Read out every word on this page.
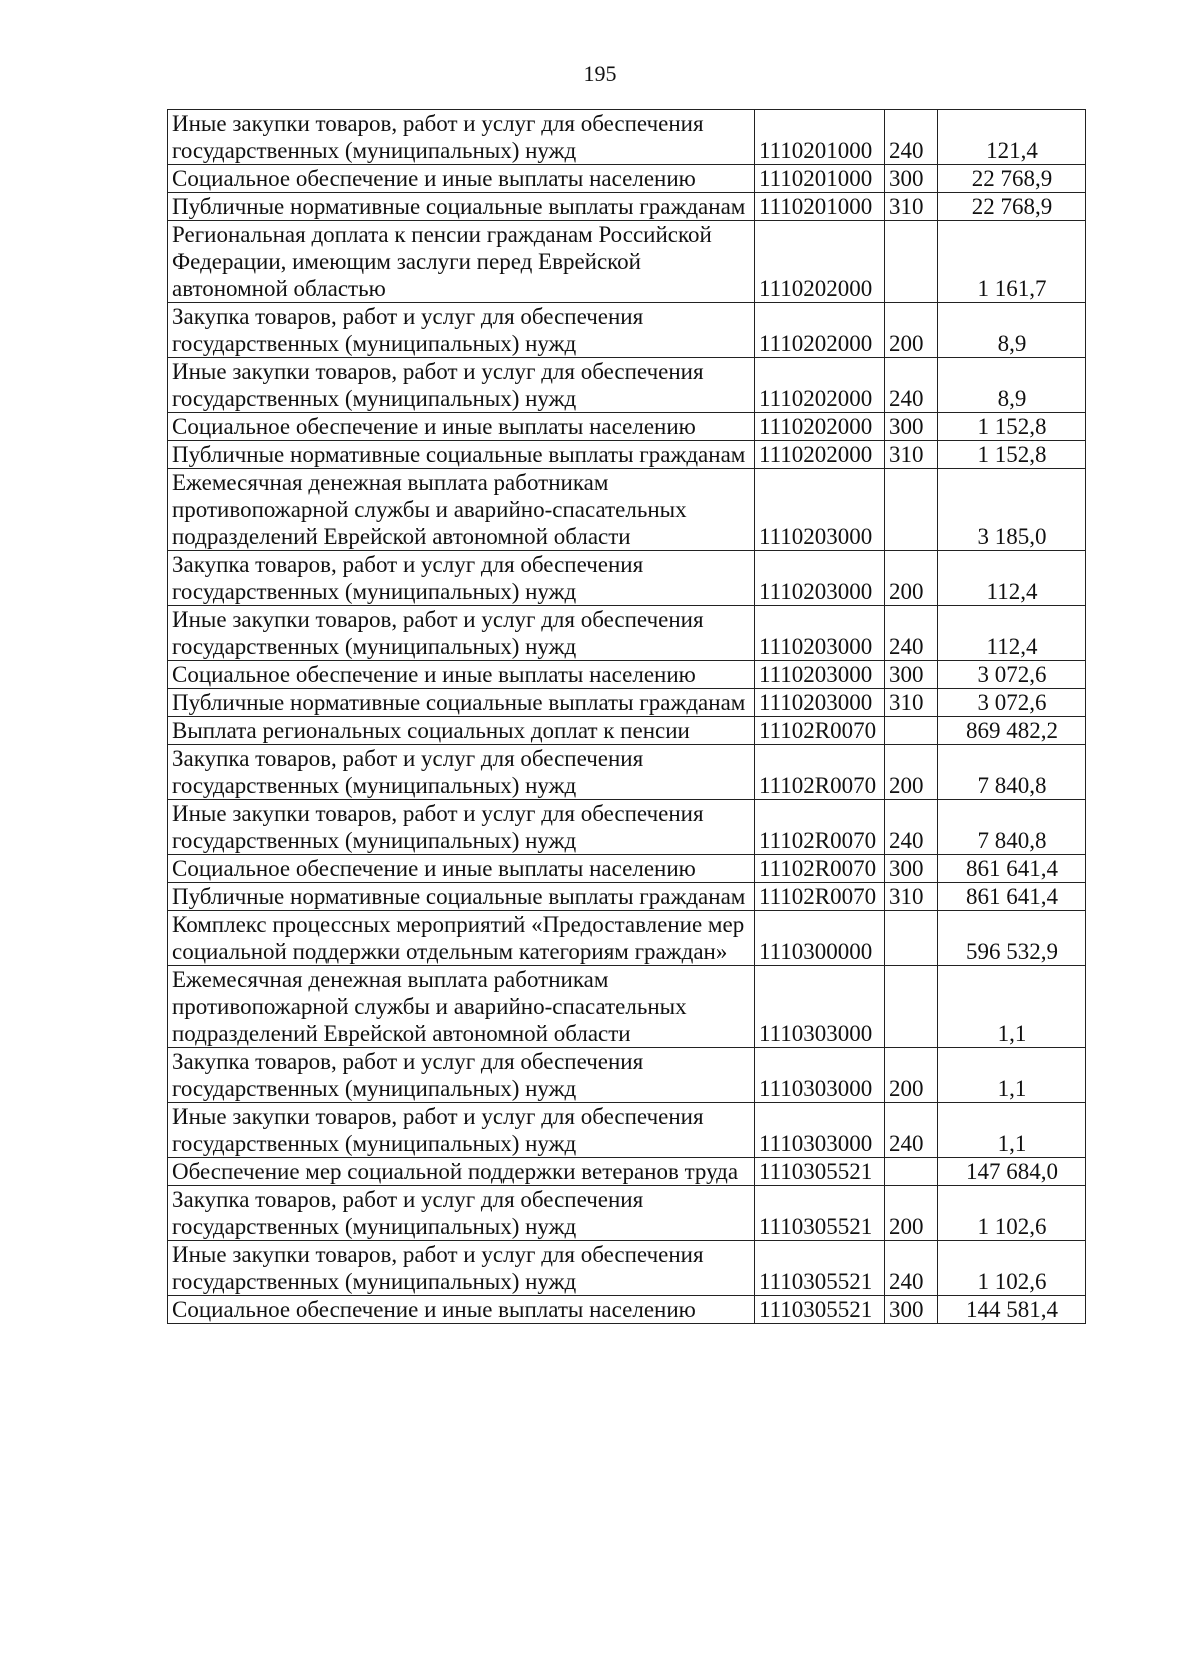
195
Иные закупки товаров, работ и услуг для обеспечения государственных (муниципальных) нужд	1110201000	240	121,4
Социальное обеспечение и иные выплаты населению	1110201000	300	22 768,9
Публичные нормативные социальные выплаты гражданам	1110201000	310	22 768,9
Региональная доплата к пенсии гражданам Российской Федерации, имеющим заслуги перед Еврейской автономной областью	1110202000		1 161,7
Закупка товаров, работ и услуг для обеспечения государственных (муниципальных) нужд	1110202000	200	8,9
Иные закупки товаров, работ и услуг для обеспечения государственных (муниципальных) нужд	1110202000	240	8,9
Социальное обеспечение и иные выплаты населению	1110202000	300	1 152,8
Публичные нормативные социальные выплаты гражданам	1110202000	310	1 152,8
Ежемесячная денежная выплата работникам противопожарной службы и аварийно-спасательных подразделений Еврейской автономной области	1110203000		3 185,0
Закупка товаров, работ и услуг для обеспечения государственных (муниципальных) нужд	1110203000	200	112,4
Иные закупки товаров, работ и услуг для обеспечения государственных (муниципальных) нужд	1110203000	240	112,4
Социальное обеспечение и иные выплаты населению	1110203000	300	3 072,6
Публичные нормативные социальные выплаты гражданам	1110203000	310	3 072,6
Выплата региональных социальных доплат к пенсии	11102R0070		869 482,2
Закупка товаров, работ и услуг для обеспечения государственных (муниципальных) нужд	11102R0070	200	7 840,8
Иные закупки товаров, работ и услуг для обеспечения государственных (муниципальных) нужд	11102R0070	240	7 840,8
Социальное обеспечение и иные выплаты населению	11102R0070	300	861 641,4
Публичные нормативные социальные выплаты гражданам	11102R0070	310	861 641,4
Комплекс процессных мероприятий «Предоставление мер социальной поддержки отдельным категориям граждан»	1110300000		596 532,9
Ежемесячная денежная выплата работникам противопожарной службы и аварийно-спасательных подразделений Еврейской автономной области	1110303000		1,1
Закупка товаров, работ и услуг для обеспечения государственных (муниципальных) нужд	1110303000	200	1,1
Иные закупки товаров, работ и услуг для обеспечения государственных (муниципальных) нужд	1110303000	240	1,1
Обеспечение мер социальной поддержки ветеранов труда	1110305521		147 684,0
Закупка товаров, работ и услуг для обеспечения государственных (муниципальных) нужд	1110305521	200	1 102,6
Иные закупки товаров, работ и услуг для обеспечения государственных (муниципальных) нужд	1110305521	240	1 102,6
Социальное обеспечение и иные выплаты населению	1110305521	300	144 581,4
